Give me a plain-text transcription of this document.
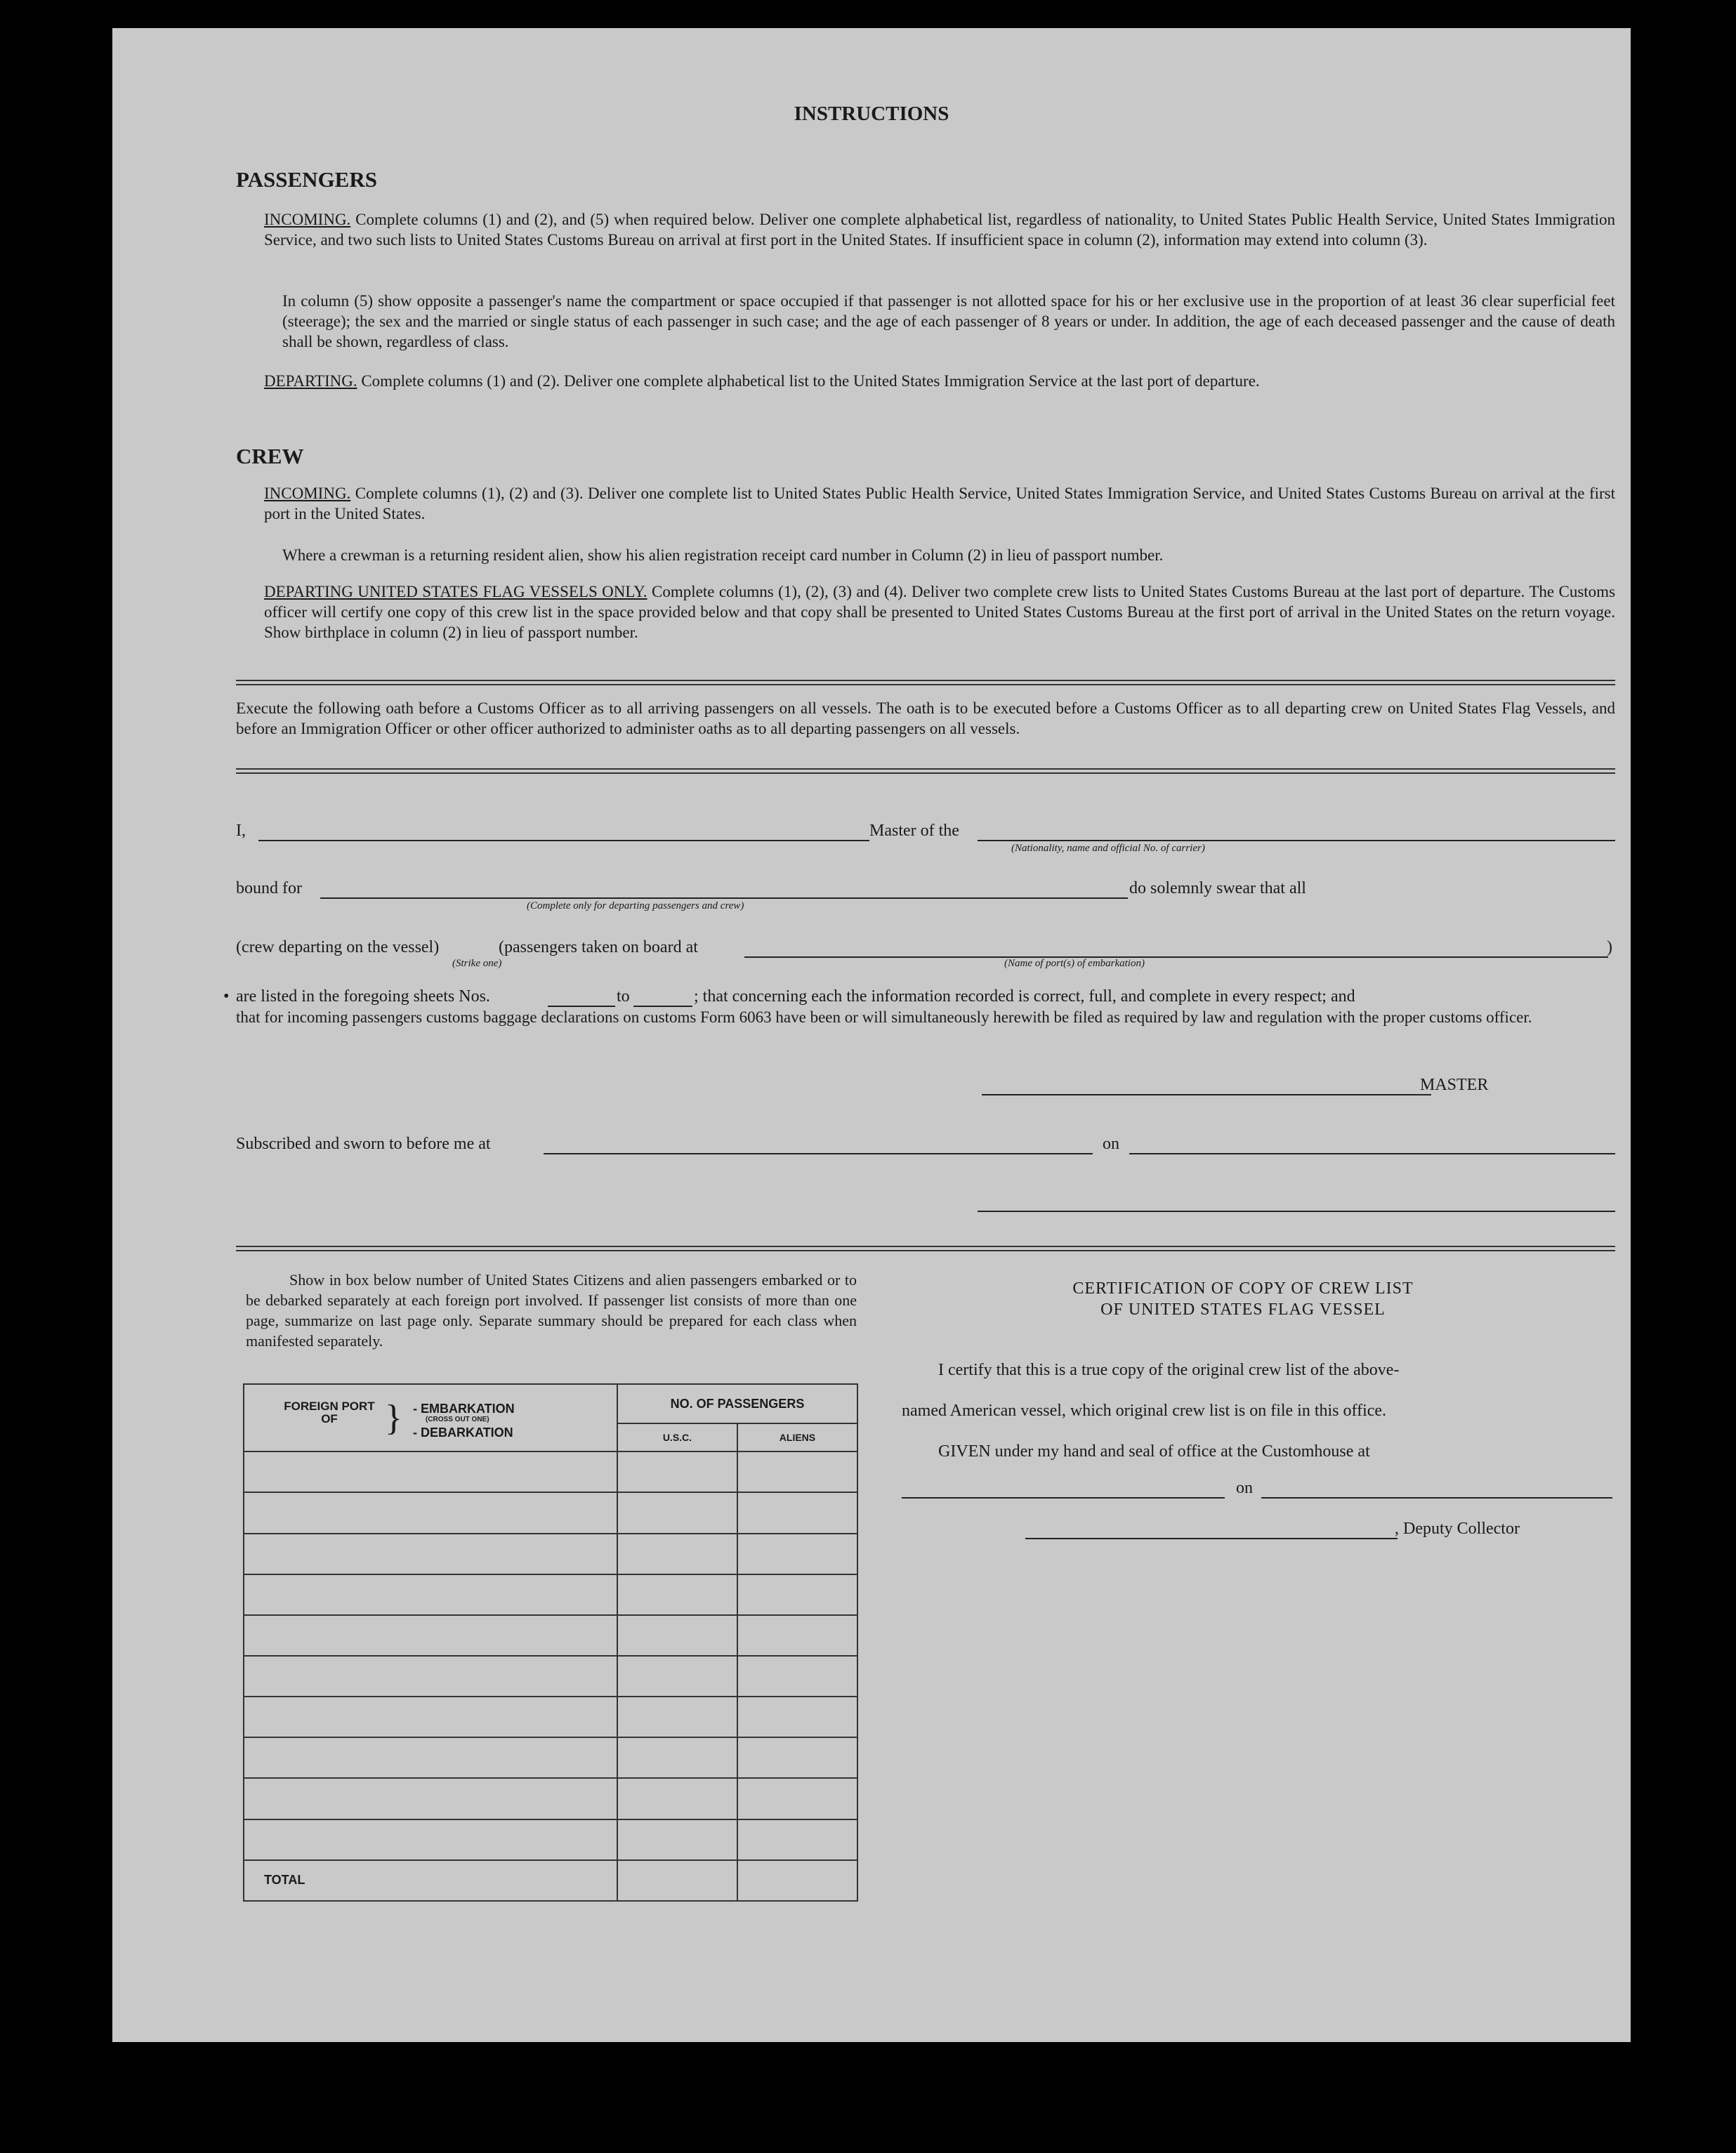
INSTRUCTIONS
PASSENGERS
INCOMING. Complete columns (1) and (2), and (5) when required below. Deliver one complete alphabetical list, regardless of nationality, to United States Public Health Service, United States Immigration Service, and two such lists to United States Customs Bureau on arrival at first port in the United States. If insufficient space in column (2), information may extend into column (3).
In column (5) show opposite a passenger's name the compartment or space occupied if that passenger is not allotted space for his or her exclusive use in the proportion of at least 36 clear superficial feet (steerage); the sex and the married or single status of each passenger in such case; and the age of each passenger of 8 years or under. In addition, the age of each deceased passenger and the cause of death shall be shown, regardless of class.
DEPARTING. Complete columns (1) and (2). Deliver one complete alphabetical list to the United States Immigration Service at the last port of departure.
CREW
INCOMING. Complete columns (1), (2) and (3). Deliver one complete list to United States Public Health Service, United States Immigration Service, and United States Customs Bureau on arrival at the first port in the United States.
Where a crewman is a returning resident alien, show his alien registration receipt card number in Column (2) in lieu of passport number.
DEPARTING UNITED STATES FLAG VESSELS ONLY. Complete columns (1), (2), (3) and (4). Deliver two complete crew lists to United States Customs Bureau at the last port of departure. The Customs officer will certify one copy of this crew list in the space provided below and that copy shall be presented to United States Customs Bureau at the first port of arrival in the United States on the return voyage. Show birthplace in column (2) in lieu of passport number.
Execute the following oath before a Customs Officer as to all arriving passengers on all vessels. The oath is to be executed before a Customs Officer as to all departing crew on United States Flag Vessels, and before an Immigration Officer or other officer authorized to administer oaths as to all departing passengers on all vessels.
I,	Master of the
(Nationality, name and official No. of carrier)
bound for	do solemnly swear that all
(Complete only for departing passengers and crew)
(crew departing on the vessel)	(passengers taken on board at	)
(Strike one)	(Name of port(s) of embarkation)
• are listed in the foregoing sheets Nos.	to	; that concerning each the information recorded is correct, full, and complete in every respect; and
that for incoming passengers customs baggage declarations on customs Form 6063 have been or will simultaneously herewith be filed as required by law and regulation with the proper customs officer.
MASTER
Subscribed and sworn to before me at	on
Show in box below number of United States Citizens and alien passengers embarked or to be debarked separately at each foreign port involved. If passenger list consists of more than one page, summarize on last page only. Separate summary should be prepared for each class when manifested separately.
FOREIGN PORT OF } - EMBARKATION
(CROSS OUT ONE)
- DEBARKATION	NO. OF PASSENGERS	
	U.S.C.	ALIENS

TOTAL		
CERTIFICATION OF COPY OF CREW LIST
OF UNITED STATES FLAG VESSEL
I certify that this is a true copy of the original crew list of the above-
named American vessel, which original crew list is on file in this office.
GIVEN under my hand and seal of office at the Customhouse at
on
, Deputy Collector
